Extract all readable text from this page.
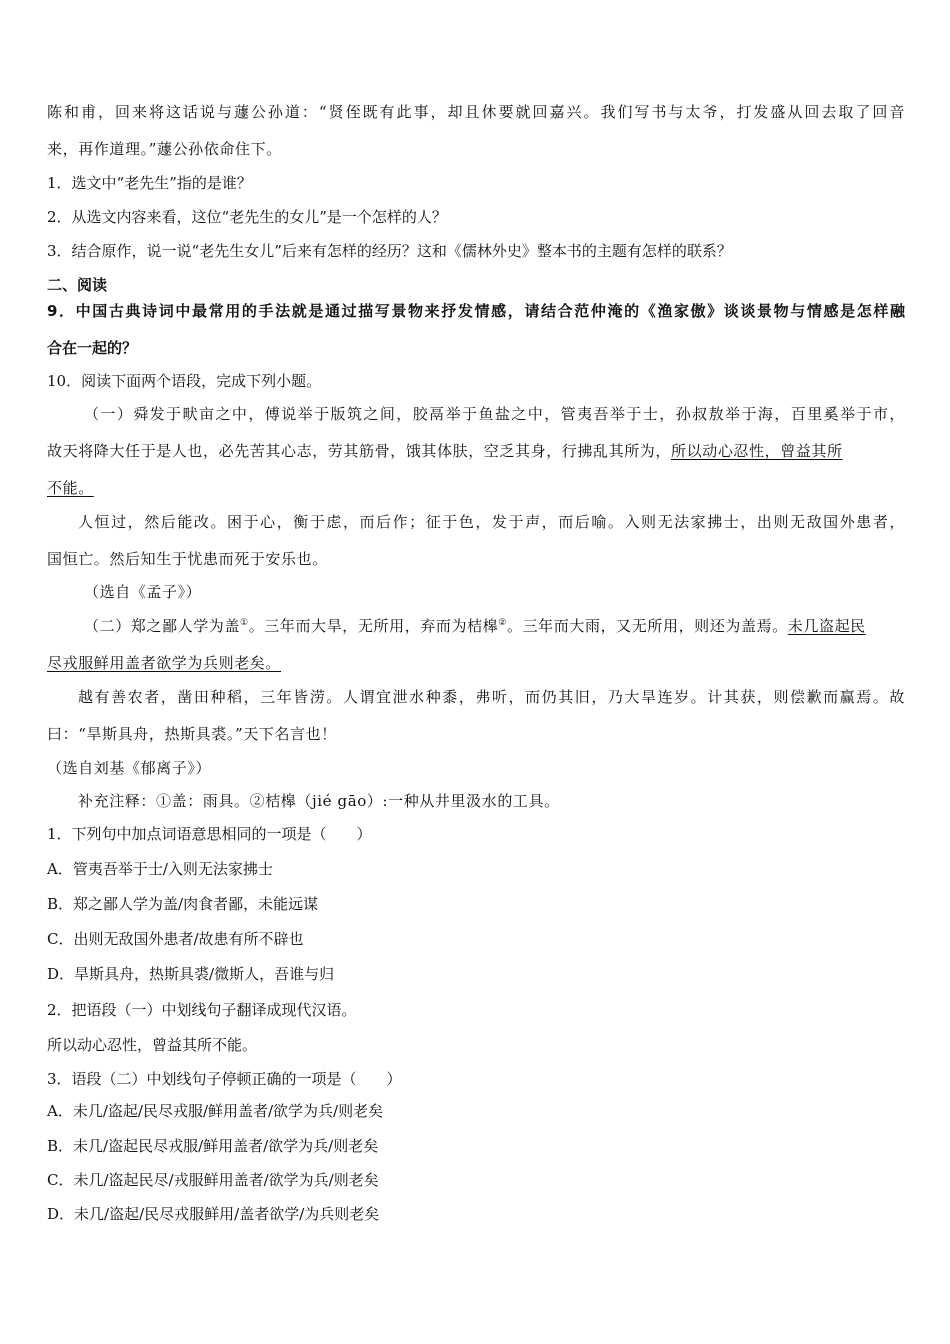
陈和甫，回来将这话说与蘧公孙道：“贤侄既有此事，却且休要就回嘉兴。我们写书与太爷，打发盛从回去取了回音
来，再作道理。”蘧公孙依命住下。
1．选文中“老先生”指的是谁？
2．从选文内容来看，这位“老先生的女儿”是一个怎样的人？
3．结合原作，说一说“老先生女儿”后来有怎样的经历？这和《儒林外史》整本书的主题有怎样的联系？
二、阅读
9．中国古典诗词中最常用的手法就是通过描写景物来抒发情感，请结合范仲淹的《渔家傲》谈谈景物与情感是怎样融
合在一起的？
10．阅读下面两个语段，完成下列小题。
（一）舜发于畎亩之中，傅说举于版筑之间，胶鬲举于鱼盐之中，管夷吾举于士，孙叔敖举于海，百里奚举于市，
故天将降大任于是人也，必先苦其心志，劳其筋骨，饿其体肤，空乏其身，行拂乱其所为，所以动心忍性，曾益其所
不能。
人恒过，然后能改。困于心，衡于虑，而后作；征于色，发于声，而后喻。入则无法家拂士，出则无敌国外患者，
国恒亡。然后知生于忧患而死于安乐也。
（选自《孟子》）
（二）郑之鄙人学为盖①。三年而大旱，无所用，弃而为桔槔②。三年而大雨，又无所用，则还为盖焉。未几盗起民
尽戎服鲜用盖者欲学为兵则老矣。
越有善农者，凿田种稻，三年皆涝。人谓宜泄水种黍，弗听，而仍其旧，乃大旱连岁。计其获，则偿歉而赢焉。故
曰：“旱斯具舟，热斯具裘。”天下名言也！
（选自刘基《郁离子》）
补充注释：①盖：雨具。②桔槔（jié gāo）:一种从井里汲水的工具。
1．下列句中加点词语意思相同的一项是（　　）
A．管夷吾举于士/入则无法家拂士
B．郑之鄙人学为盖/肉食者鄙，未能远谋
C．出则无敌国外患者/故患有所不辟也
D．旱斯具舟，热斯具裘/微斯人，吾谁与归
2．把语段（一）中划线句子翻译成现代汉语。
所以动心忍性，曾益其所不能。
3．语段（二）中划线句子停顿正确的一项是（　　）
A．未几/盗起/民尽戎服/鲜用盖者/欲学为兵/则老矣
B．未几/盗起民尽戎服/鲜用盖者/欲学为兵/则老矣
C．未几/盗起民尽/戎服鲜用盖者/欲学为兵/则老矣
D．未几/盗起/民尽戎服鲜用/盖者欲学/为兵则老矣
